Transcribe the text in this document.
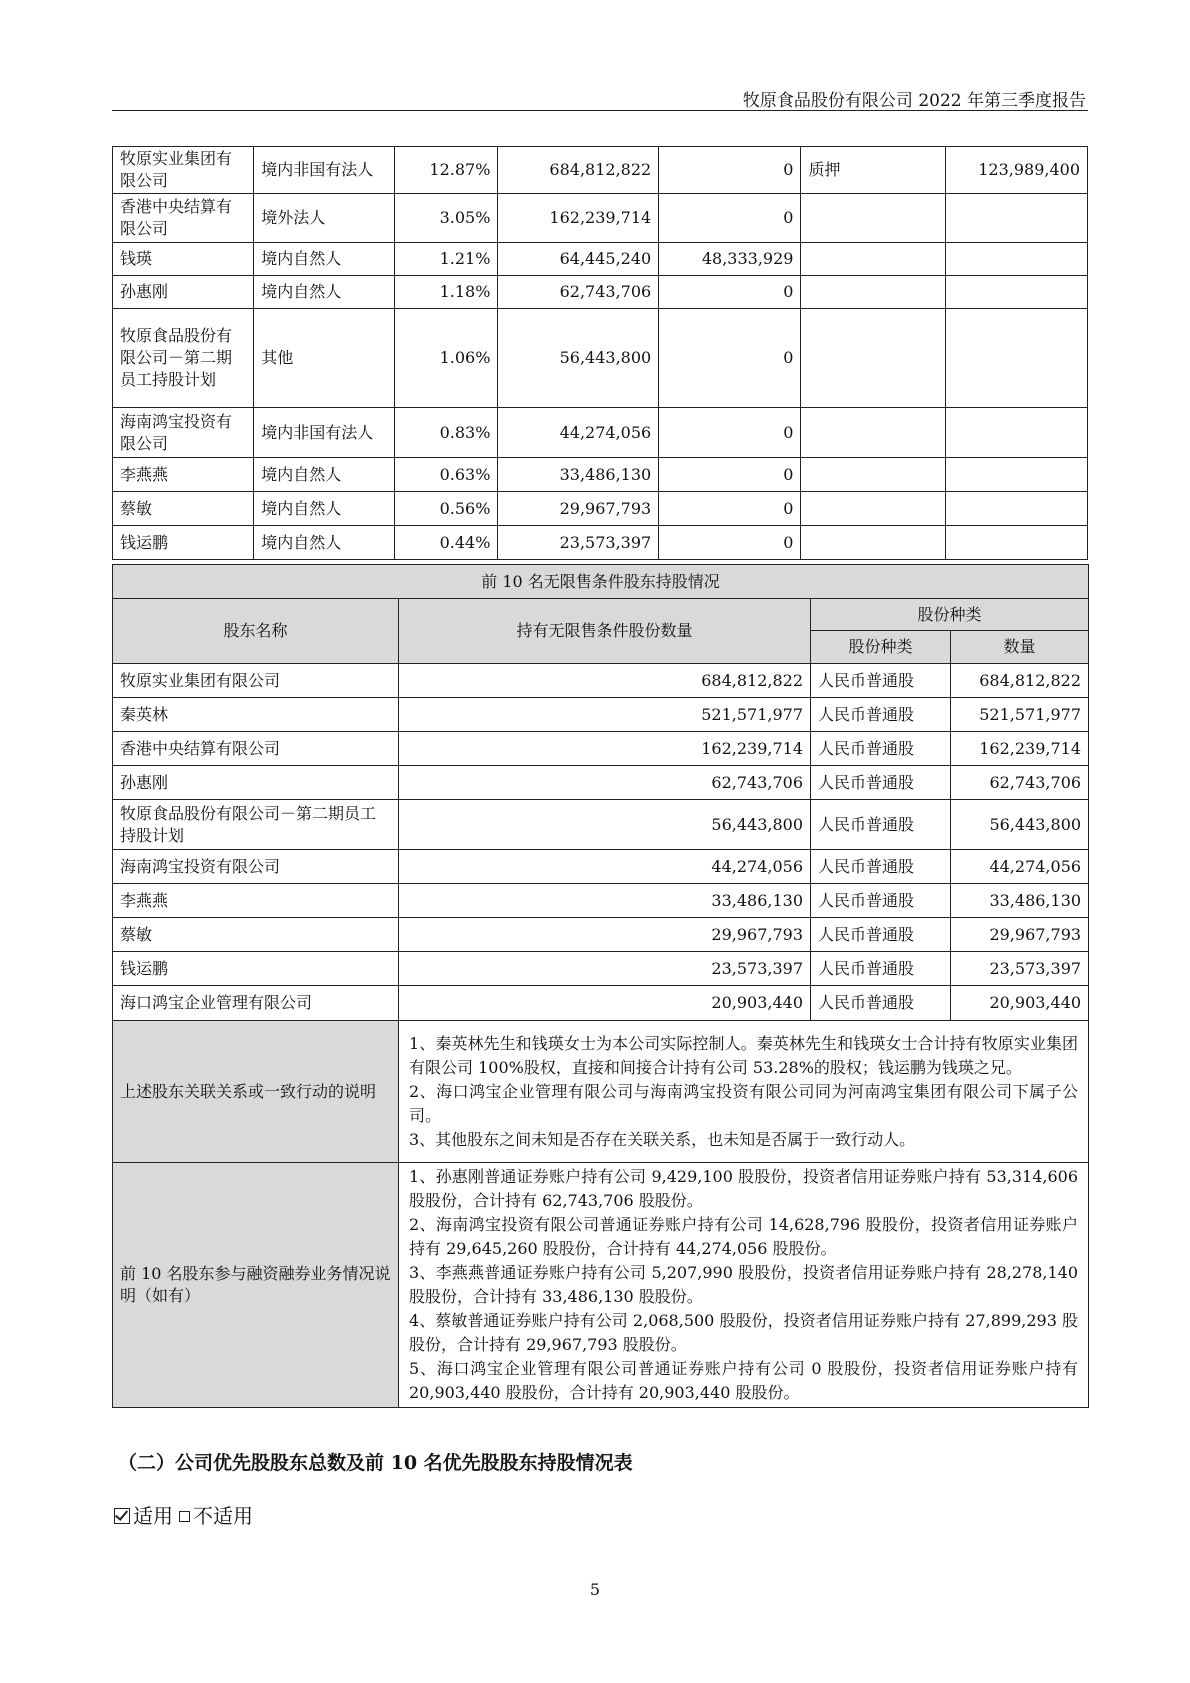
牧原食品股份有限公司 2022 年第三季度报告
牧原实业集团有限公司	境内非国有法人	12.87%	684,812,822	0	质押	123,989,400
香港中央结算有限公司	境外法人	3.05%	162,239,714	0		
钱瑛	境内自然人	1.21%	64,445,240	48,333,929		
孙惠刚	境内自然人	1.18%	62,743,706	0		
牧原食品股份有限公司－第二期员工持股计划	其他	1.06%	56,443,800	0		
海南鸿宝投资有限公司	境内非国有法人	0.83%	44,274,056	0		
李燕燕	境内自然人	0.63%	33,486,130	0		
蔡敏	境内自然人	0.56%	29,967,793	0		
钱运鹏	境内自然人	0.44%	23,573,397	0		
前 10 名无限售条件股东持股情况			
股东名称	持有无限售条件股份数量	股份种类	
		股份种类	数量
牧原实业集团有限公司	684,812,822	人民币普通股	684,812,822
秦英林	521,571,977	人民币普通股	521,571,977
香港中央结算有限公司	162,239,714	人民币普通股	162,239,714
孙惠刚	62,743,706	人民币普通股	62,743,706
牧原食品股份有限公司－第二期员工持股计划	56,443,800	人民币普通股	56,443,800
海南鸿宝投资有限公司	44,274,056	人民币普通股	44,274,056
李燕燕	33,486,130	人民币普通股	33,486,130
蔡敏	29,967,793	人民币普通股	29,967,793
钱运鹏	23,573,397	人民币普通股	23,573,397
海口鸿宝企业管理有限公司	20,903,440	人民币普通股	20,903,440
上述股东关联关系或一致行动的说明	1、秦英林先生和钱瑛女士为本公司实际控制人。秦英林先生和钱瑛女士合计持有牧原实业集团有限公司 100%股权，直接和间接合计持有公司 53.28%的股权；钱运鹏为钱瑛之兄。
2、海口鸿宝企业管理有限公司与海南鸿宝投资有限公司同为河南鸿宝集团有限公司下属子公司。
3、其他股东之间未知是否存在关联关系，也未知是否属于一致行动人。		

前 10 名股东参与融资融券业务情况说明（如有）	1、孙惠刚普通证券账户持有公司 9,429,100 股股份，投资者信用证券账户持有 53,314,606 股股份，合计持有 62,743,706 股股份。
2、海南鸿宝投资有限公司普通证券账户持有公司 14,628,796 股股份，投资者信用证券账户持有 29,645,260 股股份，合计持有 44,274,056 股股份。
3、李燕燕普通证券账户持有公司 5,207,990 股股份，投资者信用证券账户持有 28,278,140 股股份，合计持有 33,486,130 股股份。
4、蔡敏普通证券账户持有公司 2,068,500 股股份，投资者信用证券账户持有 27,899,293 股股份，合计持有 29,967,793 股股份。
5、海口鸿宝企业管理有限公司普通证券账户持有公司 0 股股份，投资者信用证券账户持有 20,903,440 股股份，合计持有 20,903,440 股股份。		
（二）公司优先股股东总数及前 10 名优先股股东持股情况表
适用 不适用
5
